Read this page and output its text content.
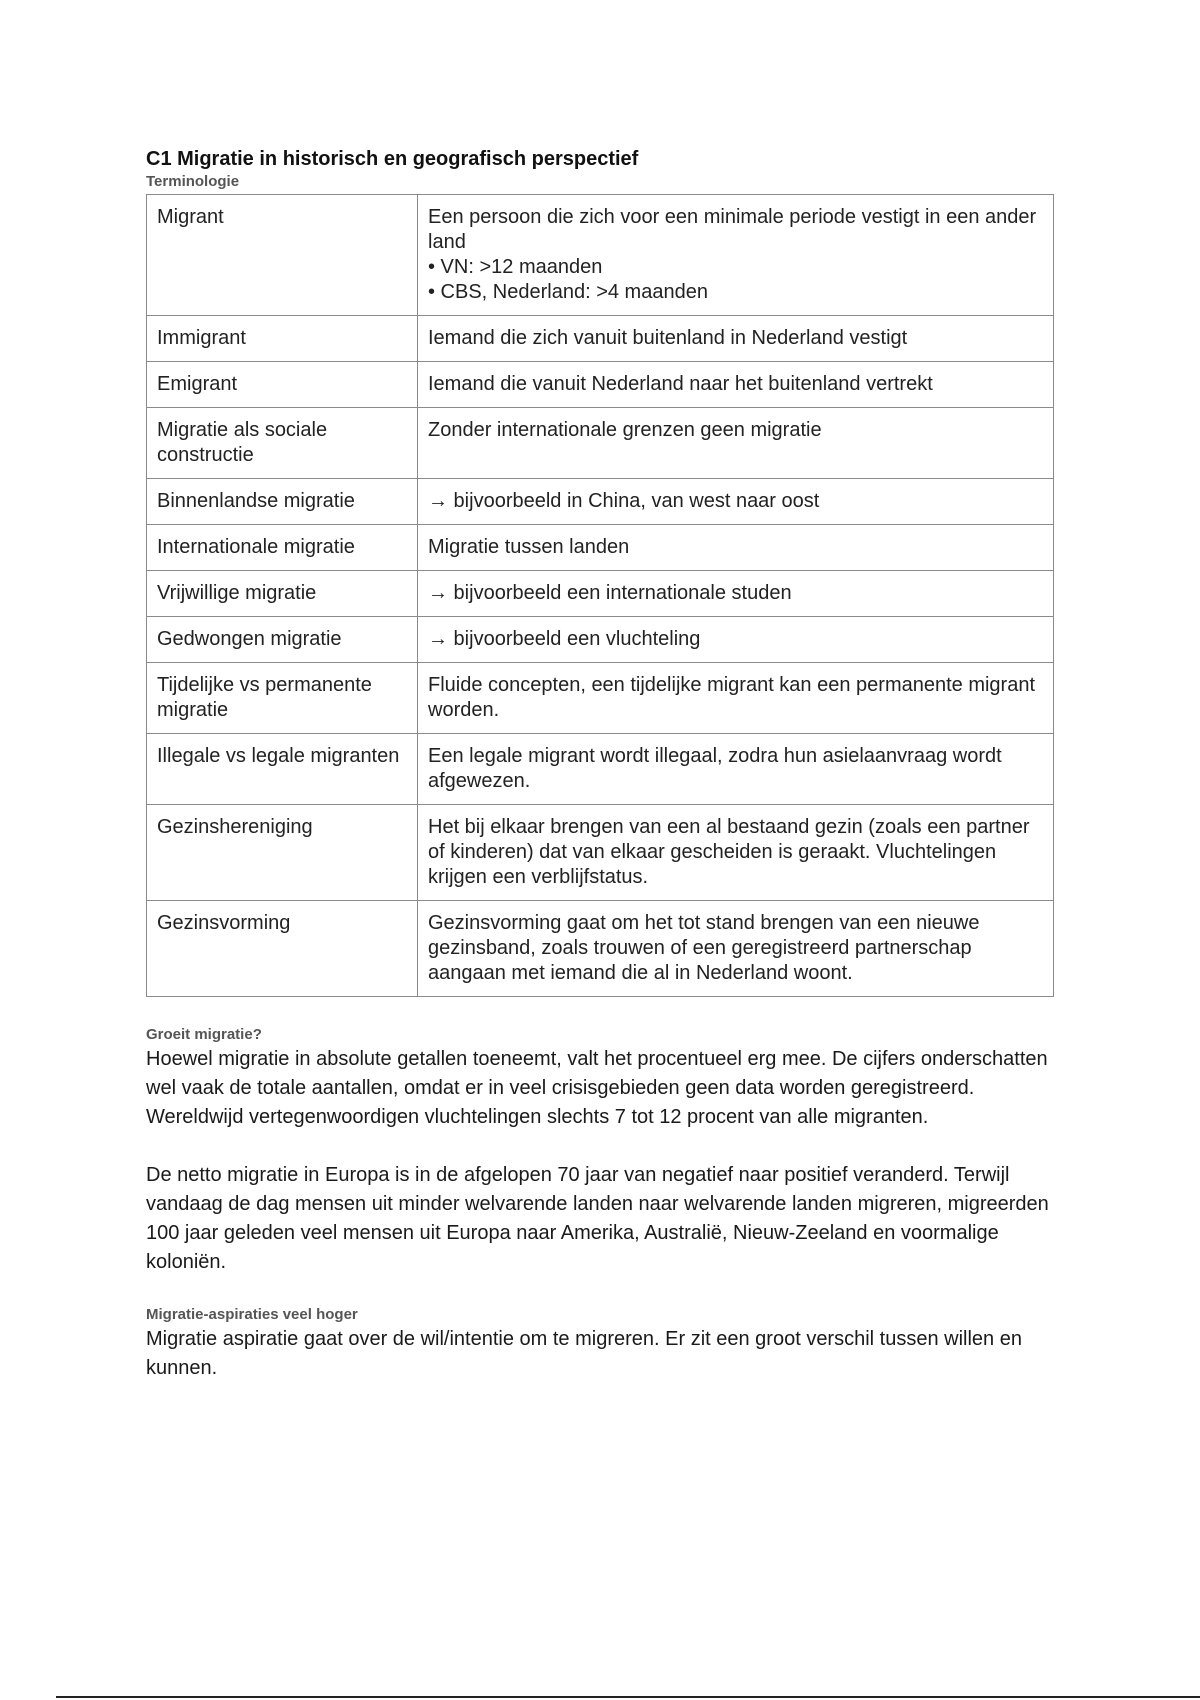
C1 Migratie in historisch en geografisch perspectief
Terminologie
Migrant	Een persoon die zich voor een minimale periode vestigt in een ander land
• VN: >12 maanden
• CBS, Nederland: >4 maanden

Immigrant	Iemand die zich vanuit buitenland in Nederland vestigt

Emigrant	Iemand die vanuit Nederland naar het buitenland vertrekt

Migratie als sociale constructie	Zonder internationale grenzen geen migratie

Binnenlandse migratie	→ bijvoorbeeld in China, van west naar oost

Internationale migratie	Migratie tussen landen

Vrijwillige migratie	→ bijvoorbeeld een internationale studen

Gedwongen migratie	→ bijvoorbeeld een vluchteling

Tijdelijke vs permanente migratie	Fluide concepten, een tijdelijke migrant kan een permanente migrant worden.

Illegale vs legale migranten	Een legale migrant wordt illegaal, zodra hun asielaanvraag wordt afgewezen.

Gezinshereniging	Het bij elkaar brengen van een al bestaand gezin (zoals een partner of kinderen) dat van elkaar gescheiden is geraakt. Vluchtelingen krijgen een verblijfstatus.

Gezinsvorming	Gezinsvorming gaat om het tot stand brengen van een nieuwe gezinsband, zoals trouwen of een geregistreerd partnerschap aangaan met iemand die al in Nederland woont.
Groeit migratie?

Hoewel migratie in absolute getallen toeneemt, valt het procentueel erg mee. De cijfers onderschatten wel vaak de totale aantallen, omdat er in veel crisisgebieden geen data worden geregistreerd. Wereldwijd vertegenwoordigen vluchtelingen slechts 7 tot 12 procent van alle migranten.

De netto migratie in Europa is in de afgelopen 70 jaar van negatief naar positief veranderd. Terwijl vandaag de dag mensen uit minder welvarende landen naar welvarende landen migreren, migreerden 100 jaar geleden veel mensen uit Europa naar Amerika, Australië, Nieuw-Zeeland en voormalige koloniën.

Migratie-aspiraties veel hoger

Migratie aspiratie gaat over de wil/intentie om te migreren. Er zit een groot verschil tussen willen en kunnen.
